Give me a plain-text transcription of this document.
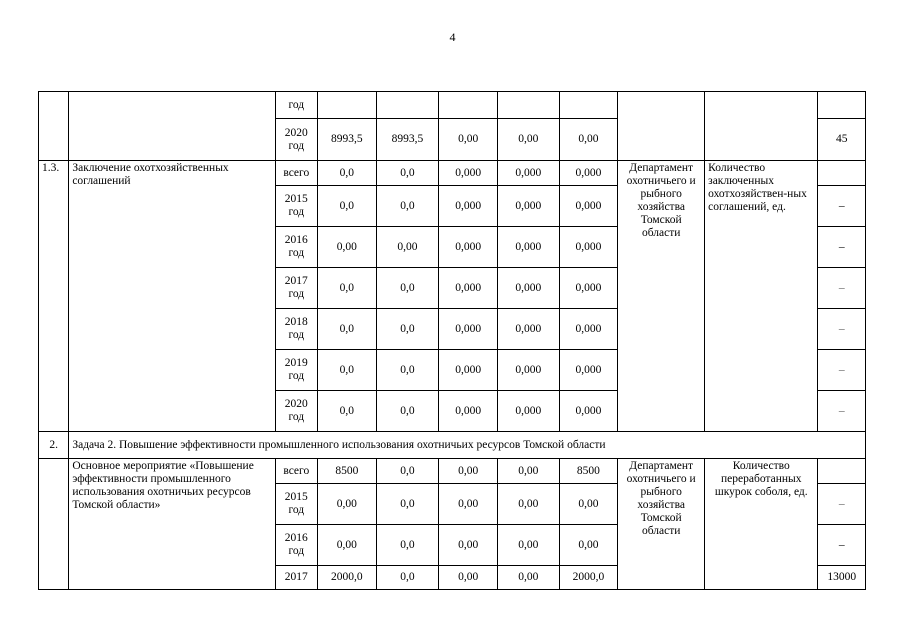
4
		год								
		2020 год	8993,5	8993,5	0,00	0,00	0,00			45
1.3.	Заключение охотхозяйственных соглашений	всего	0,0	0,0	0,000	0,000	0,000	Департамент охотничьего и рыбного хозяйства Томской области	Количество заключенных охотхозяйствен-ных соглашений, ед.	
		2015 год	0,0	0,0	0,000	0,000	0,000			–
		2016 год	0,00	0,00	0,000	0,000	0,000			–
		2017 год	0,0	0,0	0,000	0,000	0,000			–
		2018 год	0,0	0,0	0,000	0,000	0,000			–
		2019 год	0,0	0,0	0,000	0,000	0,000			–
		2020 год	0,0	0,0	0,000	0,000	0,000			–
2.	Задача 2. Повышение эффективности промышленного использования охотничьих ресурсов Томской области									
	Основное мероприятие «Повышение эффективности промышленного использования охотничьих ресурсов Томской области»	всего	8500	0,0	0,00	0,00	8500	Департамент охотничьего и рыбного хозяйства Томской области	Количество переработанных шкурок соболя, ед.	
		2015 год	0,00	0,0	0,00	0,00	0,00			–
		2016 год	0,00	0,0	0,00	0,00	0,00			–
		2017	2000,0	0,0	0,00	0,00	2000,0			13000
